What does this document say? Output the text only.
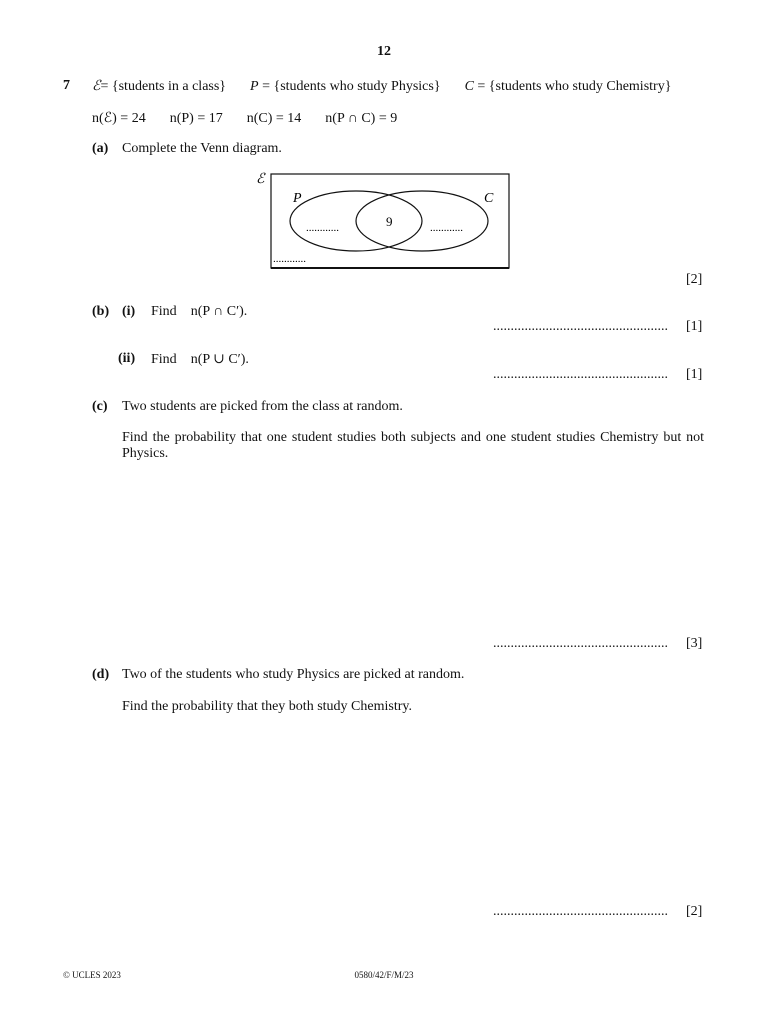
12
7 ℰ= {students in a class} P = {students who study Physics} C = {students who study Chemistry}
n(ℰ) = 24 n(P) = 17 n(C) = 14 n(P ∩ C) = 9
(a) Complete the Venn diagram.
ℰ
P	C
9
............	............
............
[2]
(b) (i) Find n(P ∩ C′).
.................................................. [1]
(ii) Find n(P ∪ C′).
.................................................. [1]
(c) Two students are picked from the class at random.
Find the probability that one student studies both subjects and one student studies Chemistry but not Physics.
.................................................. [3]
(d) Two of the students who study Physics are picked at random.
Find the probability that they both study Chemistry.
.................................................. [2]
© UCLES 2023	0580/42/F/M/23
